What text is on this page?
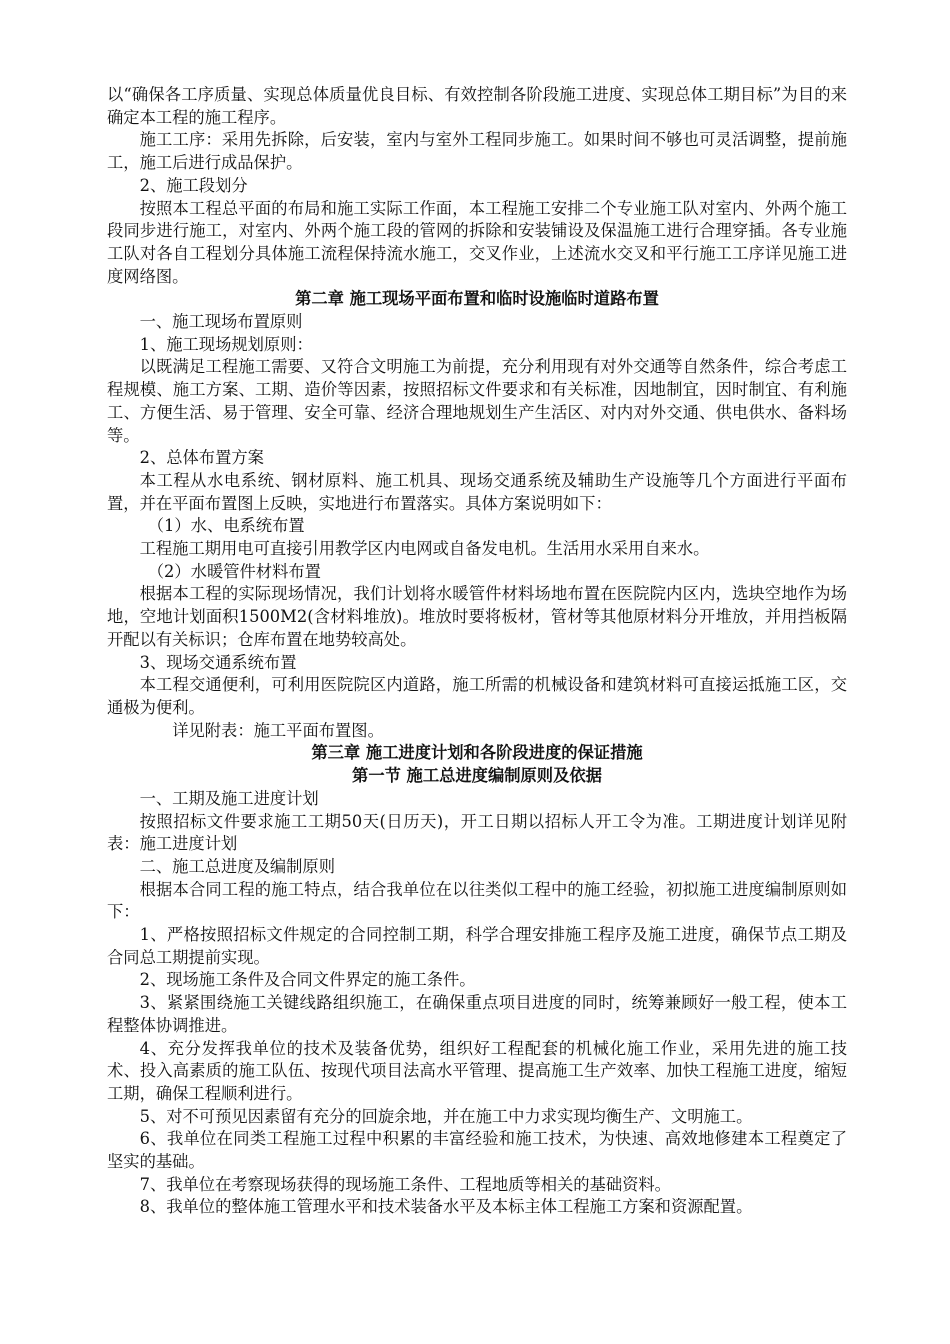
以“确保各工序质量、实现总体质量优良目标、有效控制各阶段施工进度、实现总体工期目标”为目的来确定本工程的施工程序。

施工工序：采用先拆除，后安装，室内与室外工程同步施工。如果时间不够也可灵活调整，提前施工，施工后进行成品保护。

2、施工段划分

按照本工程总平面的布局和施工实际工作面，本工程施工安排二个专业施工队对室内、外两个施工段同步进行施工，对室内、外两个施工段的管网的拆除和安装铺设及保温施工进行合理穿插。各专业施工队对各自工程划分具体施工流程保持流水施工，交叉作业，上述流水交叉和平行施工工序详见施工进度网络图。

第二章 施工现场平面布置和临时设施临时道路布置

一、施工现场布置原则

1、施工现场规划原则：

以既满足工程施工需要、又符合文明施工为前提，充分利用现有对外交通等自然条件，综合考虑工程规模、施工方案、工期、造价等因素，按照招标文件要求和有关标准，因地制宜，因时制宜、有利施工、方便生活、易于管理、安全可靠、经济合理地规划生产生活区、对内对外交通、供电供水、备料场等。

2、总体布置方案

本工程从水电系统、钢材原料、施工机具、现场交通系统及辅助生产设施等几个方面进行平面布置，并在平面布置图上反映，实地进行布置落实。具体方案说明如下：

（1）水、电系统布置

工程施工期用电可直接引用教学区内电网或自备发电机。生活用水采用自来水。

（2）水暖管件材料布置

根据本工程的实际现场情况，我们计划将水暖管件材料场地布置在医院院内区内，选块空地作为场地，空地计划面积1500M2(含材料堆放)。堆放时要将板材，管材等其他原材料分开堆放，并用挡板隔开配以有关标识；仓库布置在地势较高处。

3、现场交通系统布置

本工程交通便利，可利用医院院区内道路，施工所需的机械设备和建筑材料可直接运抵施工区，交通极为便利。

详见附表：施工平面布置图。

第三章 施工进度计划和各阶段进度的保证措施

第一节 施工总进度编制原则及依据

一、工期及施工进度计划

按照招标文件要求施工工期50天(日历天)，开工日期以招标人开工令为准。工期进度计划详见附表：施工进度计划

二、施工总进度及编制原则

根据本合同工程的施工特点，结合我单位在以往类似工程中的施工经验，初拟施工进度编制原则如下：

1、严格按照招标文件规定的合同控制工期，科学合理安排施工程序及施工进度，确保节点工期及合同总工期提前实现。

2、现场施工条件及合同文件界定的施工条件。

3、紧紧围绕施工关键线路组织施工，在确保重点项目进度的同时，统筹兼顾好一般工程，使本工程整体协调推进。

4、充分发挥我单位的技术及装备优势，组织好工程配套的机械化施工作业，采用先进的施工技术、投入高素质的施工队伍、按现代项目法高水平管理、提高施工生产效率、加快工程施工进度，缩短工期，确保工程顺利进行。

5、对不可预见因素留有充分的回旋余地，并在施工中力求实现均衡生产、文明施工。

6、我单位在同类工程施工过程中积累的丰富经验和施工技术，为快速、高效地修建本工程奠定了坚实的基础。

7、我单位在考察现场获得的现场施工条件、工程地质等相关的基础资料。

8、我单位的整体施工管理水平和技术装备水平及本标主体工程施工方案和资源配置。
